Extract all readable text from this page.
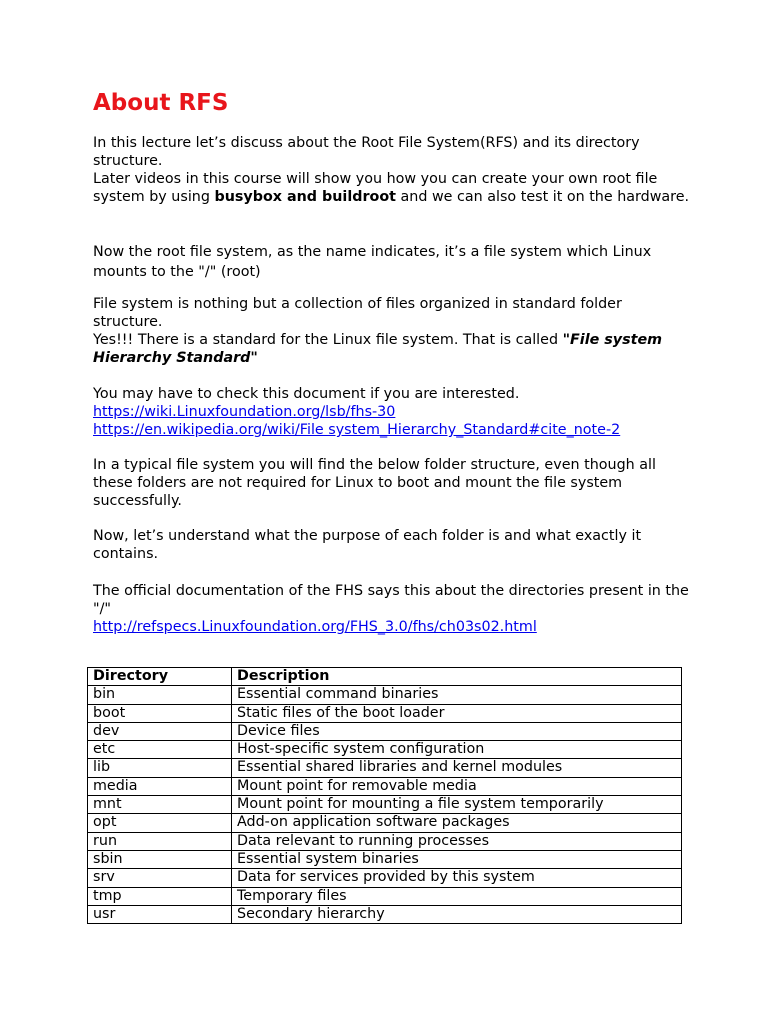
About RFS
In this lecture let’s discuss about the Root File System(RFS) and its directory structure.
Later videos in this course will show you how you can create your own root file system by using busybox and buildroot and we can also test it on the hardware.
Now the root file system, as the name indicates, it’s a file system which Linux mounts to the "/" (root)
File system is nothing but a collection of files organized in standard folder structure.
Yes!!! There is a standard for the Linux file system. That is called "File system Hierarchy Standard"
You may have to check this document if you are interested.
https://wiki.Linuxfoundation.org/lsb/fhs-30
https://en.wikipedia.org/wiki/File system_Hierarchy_Standard#cite_note-2
In a typical file system you will find the below folder structure, even though all these folders are not required for Linux to boot and mount the file system successfully.
Now, let’s understand what the purpose of each folder is and what exactly it contains.
The official documentation of the FHS says this about the directories present in the "/"
http://refspecs.Linuxfoundation.org/FHS_3.0/fhs/ch03s02.html
Directory	Description
bin	Essential command binaries
boot	Static files of the boot loader
dev	Device files
etc	Host-specific system configuration
lib	Essential shared libraries and kernel modules
media	Mount point for removable media
mnt	Mount point for mounting a file system temporarily
opt	Add-on application software packages
run	Data relevant to running processes
sbin	Essential system binaries
srv	Data for services provided by this system
tmp	Temporary files
usr	Secondary hierarchy
